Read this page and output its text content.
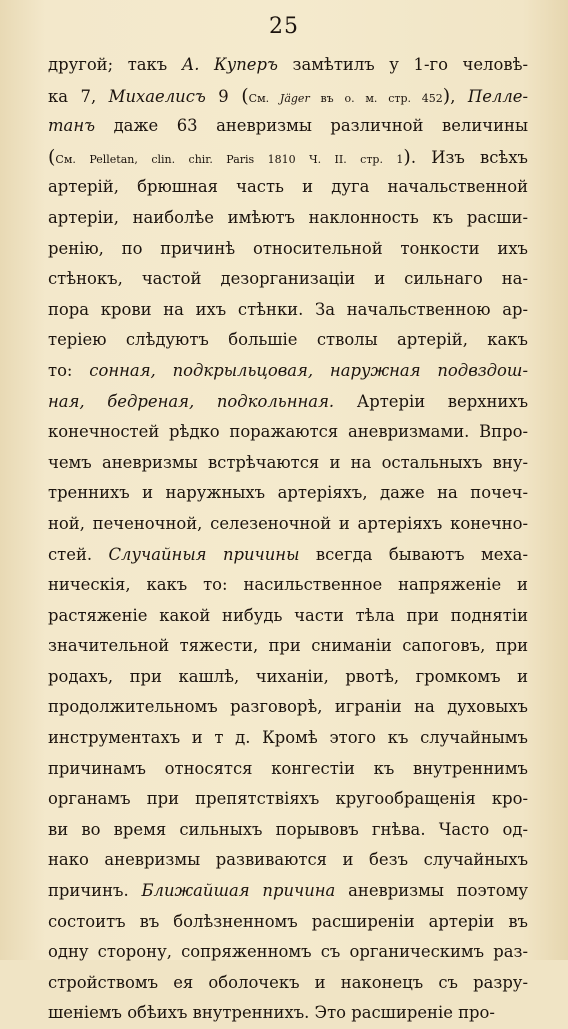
25
другой; такъ А. Куперъ замѣтилъ у 1-го человѣ-
ка 7, Михаелисъ 9 (См. Jäger въ о. м. стр. 452), Пелле-
танъ даже 63 аневризмы различной величины
(См. Pelletan, clin. chir. Paris 1810 Ч. II. стр. 1). Изъ всѣхъ
артерій, брюшная часть и дуга начальственной
артеріи, наиболѣе имѣютъ наклонность къ расши-
ренію, по причинѣ относительной тонкости ихъ
стѣнокъ, частой дезорганизаціи и сильнаго на-
пора крови на ихъ стѣнки. За начальственною ар-
теріею слѣдуютъ большіе стволы артерій, какъ
то: сонная, подкрыльцовая, наружная подвздош-
ная, бедреная, подкольнная. Артеріи верхнихъ
конечностей рѣдко поражаются аневризмами. Впро-
чемъ аневризмы встрѣчаются и на остальныхъ вну-
треннихъ и наружныхъ артеріяхъ, даже на почеч-
ной, печеночной, селезеночной и артеріяхъ конечно-
стей. Случайныя причины всегда бываютъ меха-
ническія, какъ то: насильственное напряженіе и
растяженіе какой нибудь части тѣла при поднятіи
значительной тяжести, при сниманіи сапоговъ, при
родахъ, при кашлѣ, чиханіи, рвотѣ, громкомъ и
продолжительномъ разговорѣ, играніи на духовыхъ
инструментахъ и т д. Кромѣ этого къ случайнымъ
причинамъ относятся конгестіи къ внутреннимъ
органамъ при препятствіяхъ кругообращенія кро-
ви во время сильныхъ порывовъ гнѣва. Часто од-
нако аневризмы развиваются и безъ случайныхъ
причинъ. Ближайшая причина аневризмы поэтому
состоитъ въ болѣзненномъ расширеніи артеріи въ
одну сторону, сопряженномъ съ органическимъ раз-
стройствомъ ея оболочекъ и наконецъ съ разру-
шеніемъ обѣихъ внутреннихъ. Это расширеніе про-
